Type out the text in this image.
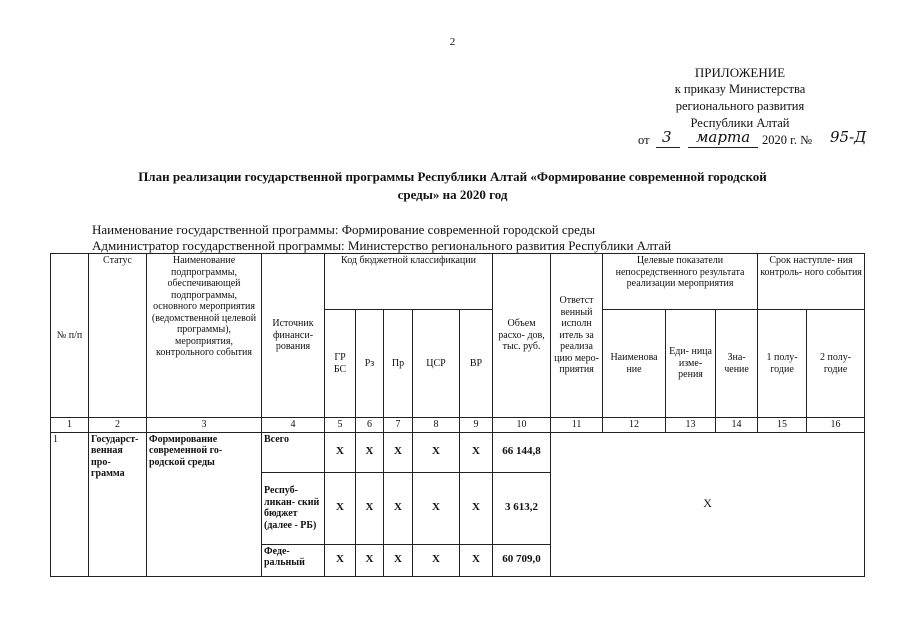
2
ПРИЛОЖЕНИЕ
к приказу Министерства
регионального развития
Республики Алтай
от 3 марта 2020 г. № 95-Д
План реализации государственной программы Республики Алтай «Формирование современной городской
среды» на 2020 год
Наименование государственной программы: Формирование современной городской среды
Администратор государственной программы: Министерство регионального развития Республики Алтай
№ п/п	Статус	Наименование подпрограммы, обеспечивающей подпрограммы, основного мероприятия (ведомственной целевой программы), мероприятия, контрольного события	Источник финанси- рования	Код бюджетной классификации					Объем расхо- дов, тыс. руб.	Ответст венный исполн итель за реализа цию меро- приятия	Целевые показатели непосредственного результата реализации мероприятия			Срок наступле- ния контроль- ного события	
				ГР БС	Рз	Пр	ЦСР	ВР			Наименова ние	Еди- ница изме- рения	Зна- чение	1 полу- годие	2 полу- годие
1	2	3	4	5	6	7	8	9	10	11	12	13	14	15	16
1	Государст- венная про- грамма	Формирование современной го- родской среды	Всего	Х	Х	Х	Х	Х	66 144,8	Х					
			Респуб- ликан- ский бюджет (далее - РБ)	Х	Х	Х	Х	Х	3 613,2						
			Феде- ральный	Х	Х	Х	Х	Х	60 709,0						
